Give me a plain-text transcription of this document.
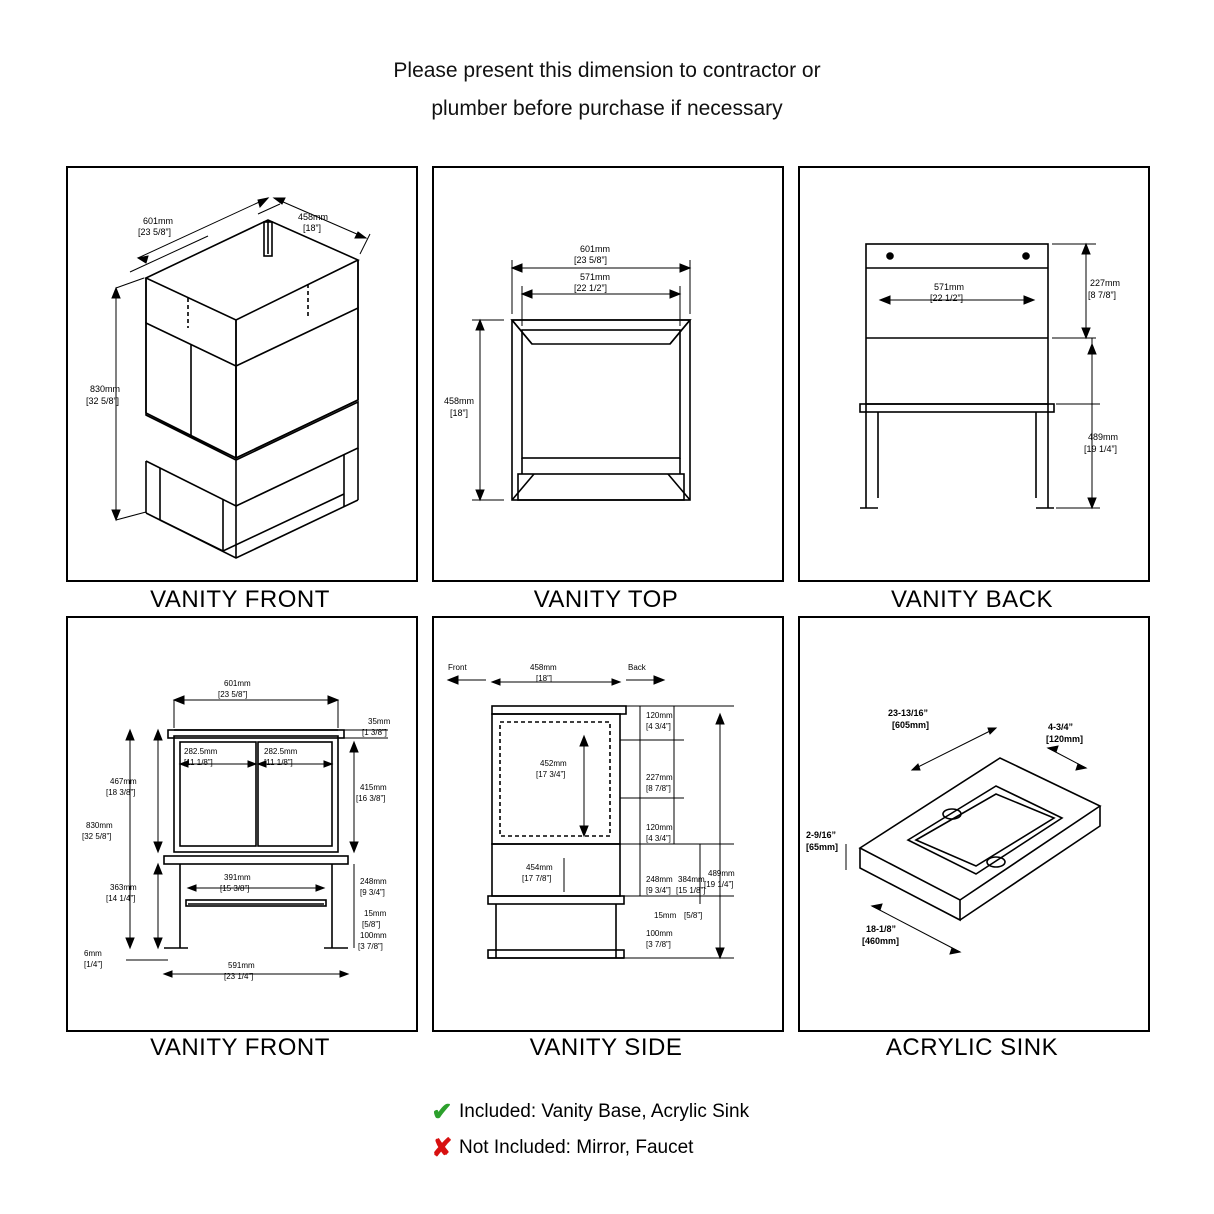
Please present this dimension to contractor or
plumber before purchase if necessary
601mm
[23 5/8”]
458mm
[18”]
830mm
[32 5/8”]
VANITY FRONT
601mm
[23 5/8”]
571mm
[22 1/2”]
458mm
[18”]
VANITY TOP
571mm
[22 1/2”]
227mm
[8 7/8”]
489mm
[19 1/4”]
VANITY BACK
601mm
[23 5/8”]
35mm
[1 3/8”]
282.5mm
[11 1/8”]
282.5mm
[11 1/8”]
467mm
[18 3/8”]
415mm
[16 3/8”]
830mm
[32 5/8”]
363mm
[14 1/4”]
391mm
[15 3/8”]
248mm
[9 3/4”]
15mm
[5/8”]
100mm
[3 7/8”]
6mm
[1/4”]	591mm
[23 1/4”]
VANITY FRONT
458mm
[18”]
Front	Back
120mm
[4 3/4”]
452mm
[17 3/4”]	227mm
[8 7/8”]
120mm
[4 3/4”]
454mm
[17 7/8”]	248mm
[9 3/4”]
384mm
[15 1/8”]
489mm
[19 1/4”]
15mm [5/8”]
100mm
[3 7/8”]
VANITY SIDE
4-3/4”
[120mm]
23-13/16”
[605mm]
2-9/16”
[65mm]
18-1/8”
[460mm]
ACRYLIC SINK
✔ Included: Vanity Base, Acrylic Sink
✘ Not Included: Mirror, Faucet
